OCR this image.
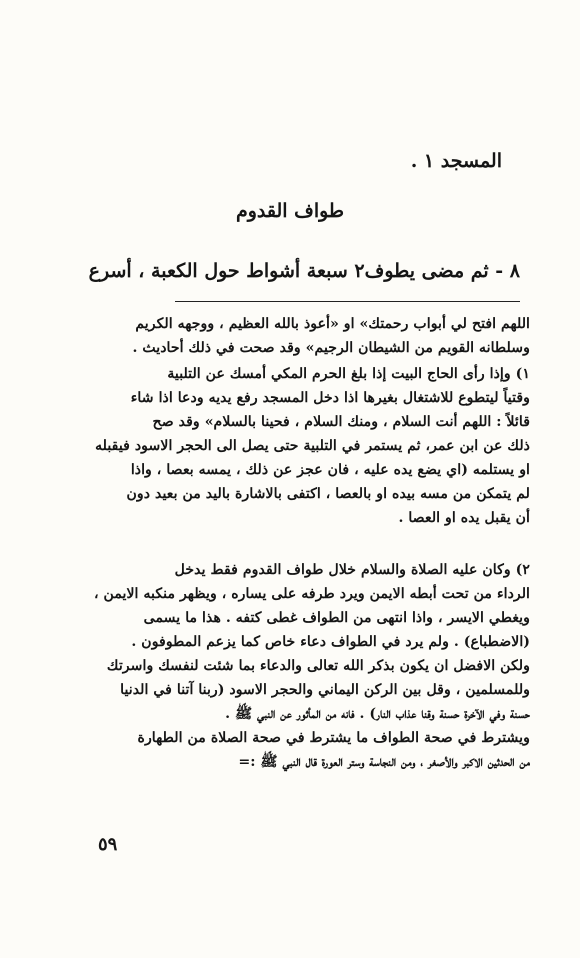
المسجد ١ .
طواف القدوم
٨ - ثم مضى يطوف٢ سبعة أشواط حول الكعبة ، أسرع
اللهم افتح لي أبواب رحمتك» او «أعوذ بالله العظيم ، ووجهه الكريم
وسلطانه القويم من الشيطان الرجيم» وقد صحت في ذلك أحاديث .
١) وإذا رأى الحاج البيت إذا بلغ الحرم المكي أمسك عن التلبية
وقتياً ليتطوع للاشتغال بغيرها اذا دخل المسجد رفع يديه ودعا اذا شاء
قائلاً : اللهم أنت السلام ، ومنك السلام ، فحينا بالسلام» وقد صح
ذلك عن ابن عمر، ثم يستمر في التلبية حتى يصل الى الحجر الاسود فيقبله
او يستلمه (اي يضع يده عليه ، فان عجز عن ذلك ، يمسه بعصا ، واذا
لم يتمكن من مسه بيده او بالعصا ، اكتفى بالاشارة باليد من بعيد دون
أن يقبل يده او العصا .
٢) وكان عليه الصلاة والسلام خلال طواف القدوم فقط يدخل
الرداء من تحت أبطه الايمن ويرد طرفه على يساره ، ويظهر منكبه الايمن ،
ويغطي الايسر ، واذا انتهى من الطواف غطى كتفه . هذا ما يسمى
(الاضطباع) . ولم يرد في الطواف دعاء خاص كما يزعم المطوفون .
ولكن الافضل ان يكون بذكر الله تعالى والدعاء بما شئت لنفسك واسرتك
وللمسلمين ، وقل بين الركن اليماني والحجر الاسود (ربنا آتنا في الدنيا
حسنة وفي الآخرة حسنة وقنا عذاب النار) . فانه من المأثور عن النبي ﷺ .
ويشترط في صحة الطواف ما يشترط في صحة الصلاة من الطهارة
من الحدثين الاكبر والأصغر ، ومن النجاسة وستر العورة قال النبي ﷺ :=
٥٩
